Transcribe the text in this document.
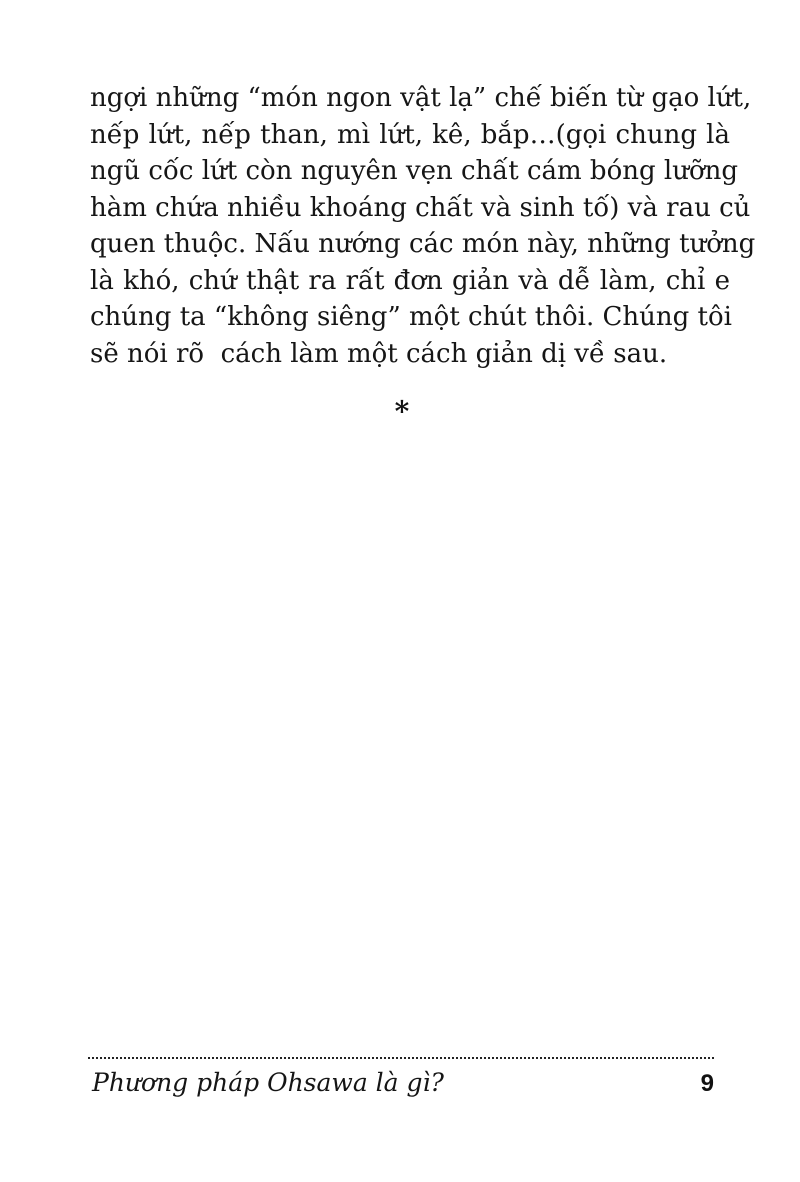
ngợi những “món ngon vật lạ” chế biến từ gạo lứt,
nếp lứt, nếp than, mì lứt, kê, bắp…(gọi chung là
ngũ cốc lứt còn nguyên vẹn chất cám bóng lưỡng
hàm chứa nhiều khoáng chất và sinh tố) và rau củ
quen thuộc. Nấu nướng các món này, những tưởng
là khó, chứ thật ra rất đơn giản và dễ làm, chỉ e
chúng ta “không siêng” một chút thôi. Chúng tôi
sẽ nói rõ  cách làm một cách giản dị về sau.
*
Phương pháp Ohsawa là gì?	9
